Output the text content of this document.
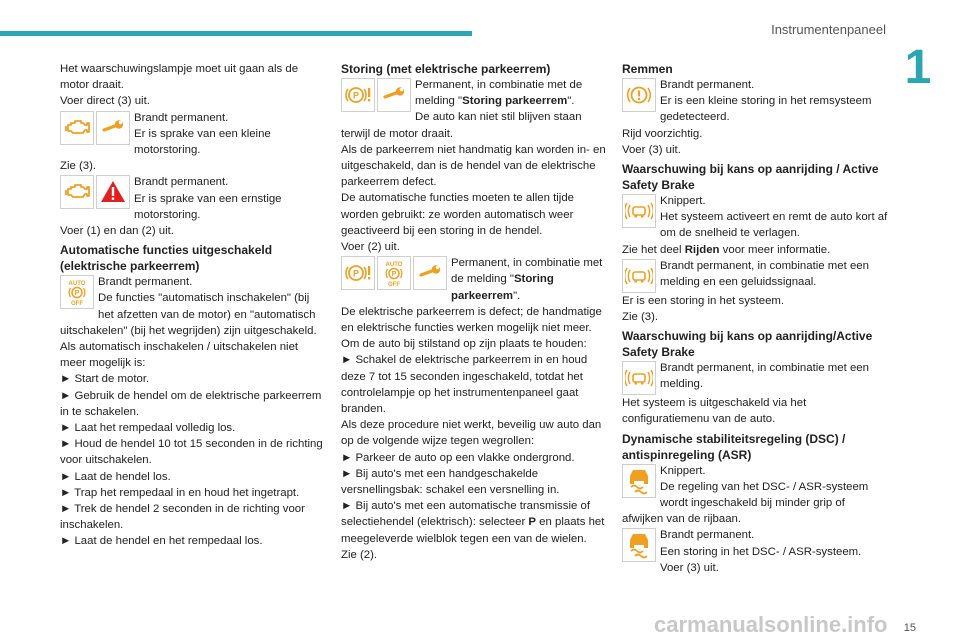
Instrumentenpaneel
1

Het waarschuwingslampje moet uit gaan als de motor draait.

Voer direct (3) uit.

Brandt permanent.
Er is sprake van een kleine motorstoring.

Zie (3).

Brandt permanent.
Er is sprake van een ernstige motorstoring.

Voer (1) en dan (2) uit.

Automatische functies uitgeschakeld (elektrische parkeerrem)
Brandt permanent.
De functies "automatisch inschakelen" (bij het afzetten van de motor) en "automatisch uitschakelen" (bij het wegrijden) zijn uitgeschakeld.

Als automatisch inschakelen / uitschakelen niet meer mogelijk is:

► Start de motor.

► Gebruik de hendel om de elektrische parkeerrem in te schakelen.

► Laat het rempedaal volledig los.

► Houd de hendel 10 tot 15 seconden in de richting voor uitschakelen.

► Laat de hendel los.

► Trap het rempedaal in en houd het ingetrapt.

► Trek de hendel 2 seconden in de richting voor inschakelen.

► Laat de hendel en het rempedaal los.

Storing (met elektrische parkeerrem)
Permanent, in combinatie met de melding "Storing parkeerrem".

De auto kan niet stil blijven staan terwijl de motor draait.

Als de parkeerrem niet handmatig kan worden in- en uitgeschakeld, dan is de hendel van de elektrische parkeerrem defect.

De automatische functies moeten te allen tijde worden gebruikt: ze worden automatisch weer geactiveerd bij een storing in de hendel.

Voer (2) uit.

Permanent, in combinatie met de melding "Storing parkeerrem".

De elektrische parkeerrem is defect; de handmatige en elektrische functies werken mogelijk niet meer.

Om de auto bij stilstand op zijn plaats te houden:

► Schakel de elektrische parkeerrem in en houd deze 7 tot 15 seconden ingeschakeld, totdat het controlelampje op het instrumentenpaneel gaat branden.

Als deze procedure niet werkt, beveilig uw auto dan op de volgende wijze tegen wegrollen:

► Parkeer de auto op een vlakke ondergrond.

► Bij auto's met een handgeschakelde versnellingsbak: schakel een versnelling in.

► Bij auto's met een automatische transmissie of selectiehendel (elektrisch): selecteer P en plaats het meegeleverde wielblok tegen een van de wielen.

Zie (2).

Remmen
Brandt permanent.
Er is een kleine storing in het remsysteem gedetecteerd.

Rijd voorzichtig.

Voer (3) uit.

Waarschuwing bij kans op aanrijding / Active Safety Brake
Knippert.
Het systeem activeert en remt de auto kort af om de snelheid te verlagen.

Zie het deel Rijden voor meer informatie.

Brandt permanent, in combinatie met een melding en een geluidssignaal.

Er is een storing in het systeem.

Zie (3).

Waarschuwing bij kans op aanrijding/Active Safety Brake
Brandt permanent, in combinatie met een melding.

Het systeem is uitgeschakeld via het configuratiemenu van de auto.

Dynamische stabiliteitsregeling (DSC) / antispinregeling (ASR)
Knippert.
De regeling van het DSC- / ASR-systeem wordt ingeschakeld bij minder grip of afwijken van de rijbaan.
Brandt permanent.
Een storing in het DSC- / ASR-systeem.

Voer (3) uit.

15
carmanualsonline.info
